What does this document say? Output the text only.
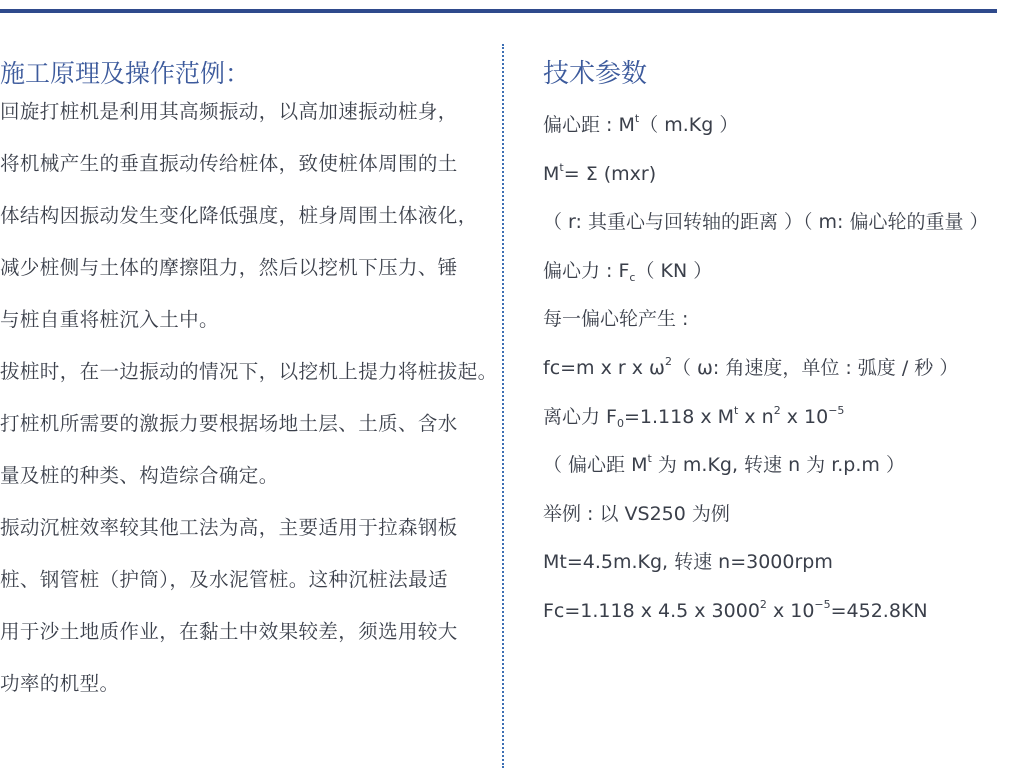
施工原理及操作范例：
回旋打桩机是利用其高频振动，以高加速振动桩身，
将机械产生的垂直振动传给桩体，致使桩体周围的土
体结构因振动发生变化降低强度，桩身周围土体液化，
减少桩侧与土体的摩擦阻力，然后以挖机下压力、锤
与桩自重将桩沉入土中。
拔桩时，在一边振动的情况下，以挖机上提力将桩拔起。
打桩机所需要的激振力要根据场地土层、土质、含水
量及桩的种类、构造综合确定。
振动沉桩效率较其他工法为高，主要适用于拉森钢板
桩、钢管桩（护筒），及水泥管桩。这种沉桩法最适
用于沙土地质作业，在黏土中效果较差，须选用较大
功率的机型。
技术参数
偏心距 : $M^t$（ m.Kg ）
$M^t= \Sigma$ (mxr)
（ r: 其重心与回转轴的距离 ）（ m: 偏心轮的重量 ）
偏心力 : $F_c$（ KN ）
每一偏心轮产生 :
fc=m x r x $\omega^2$（ ω: 角速度，单位 : 弧度 / 秒 ）
离心力 $F_0=1.118$ x $M^t$ x $n^2$ x $10^{-5}$
（ 偏心距 $M^t$ 为 m.Kg, 转速 n 为 r.p.m ）
举例 : 以 VS250 为例
Mt=4.5m.Kg, 转速 n=3000rpm
Fc=1.118 x 4.5 x 3000$^2$ x $10^{-5}=452.8KN$
